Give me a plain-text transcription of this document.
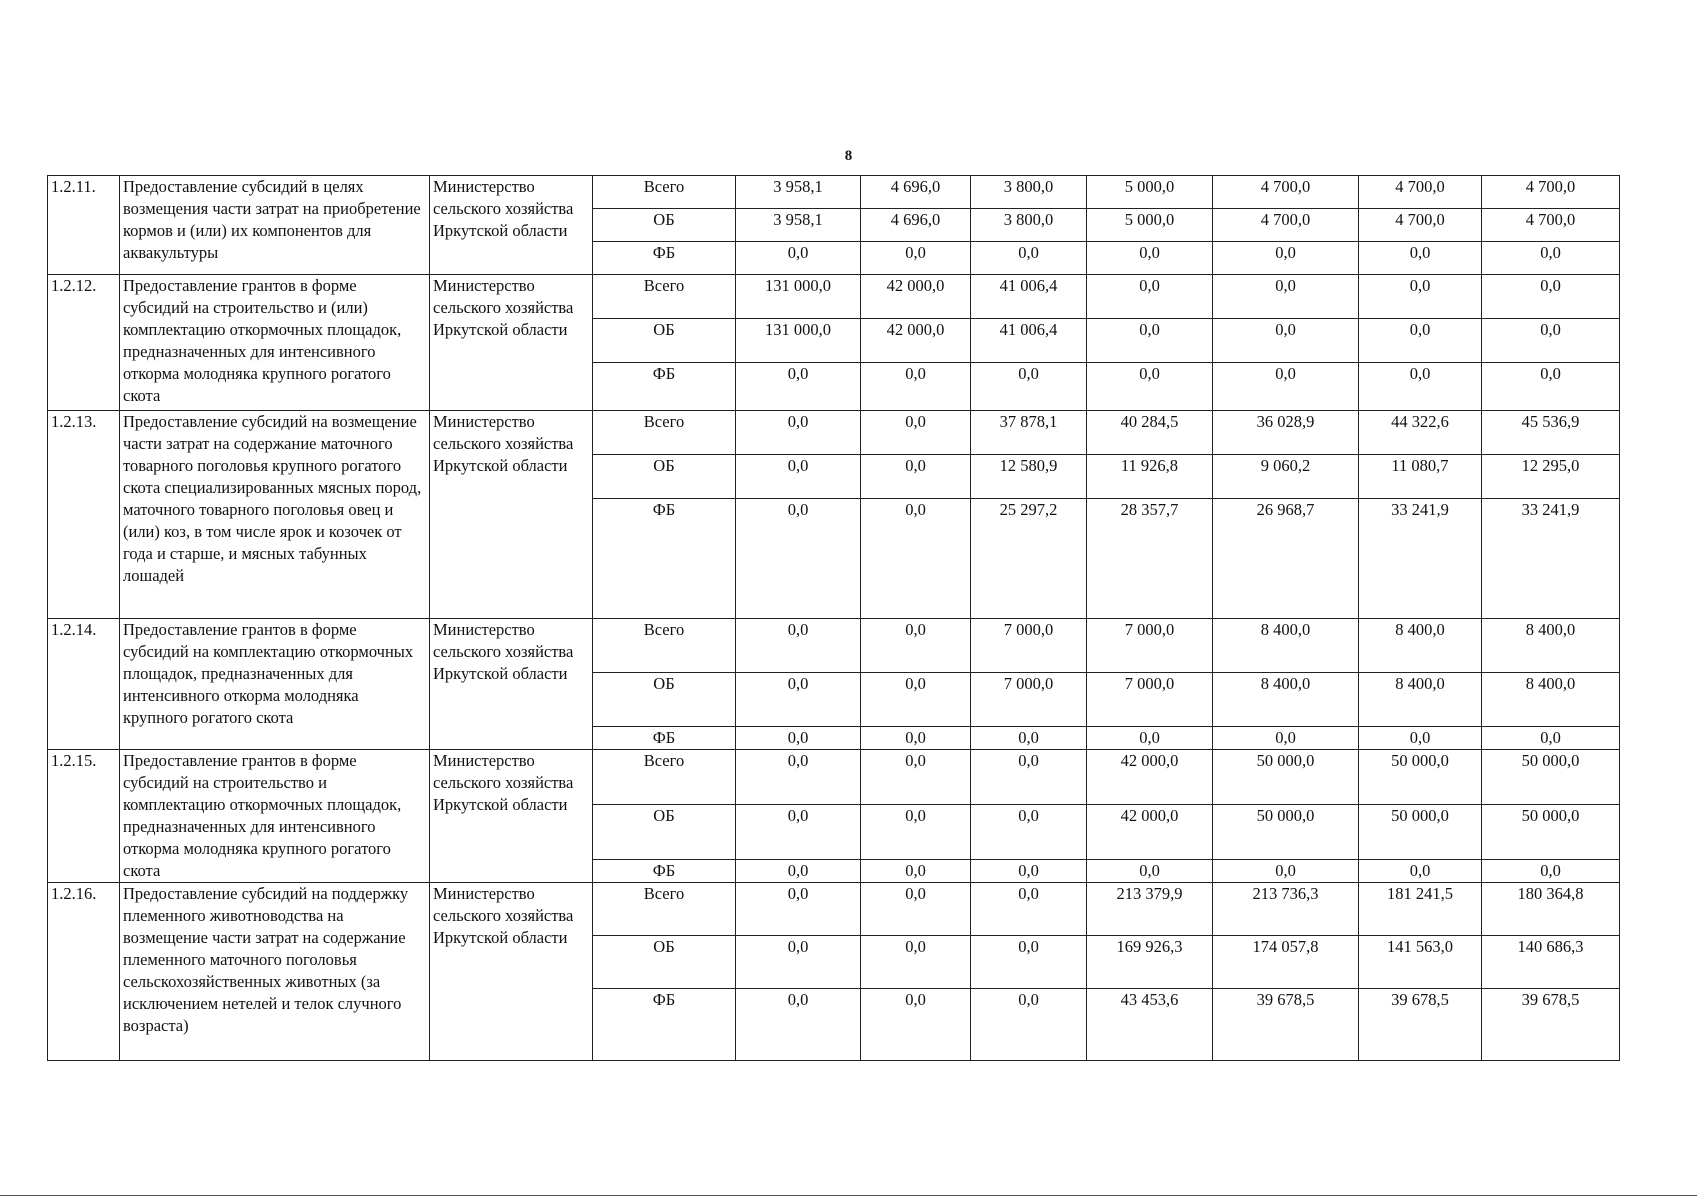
8
1.2.11.	Предоставление субсидий в целях возмещения части затрат на приобретение кормов и (или) их компонентов для аквакультуры	Министерство сельского хозяйства Иркутской области	Всего	3 958,1	4 696,0	3 800,0	5 000,0	4 700,0	4 700,0	4 700,0
			ОБ	3 958,1	4 696,0	3 800,0	5 000,0	4 700,0	4 700,0	4 700,0
			ФБ	0,0	0,0	0,0	0,0	0,0	0,0	0,0
1.2.12.	Предоставление грантов в форме субсидий на строительство и (или) комплектацию откормочных площадок, предназначенных для интенсивного откорма молодняка крупного рогатого скота	Министерство сельского хозяйства Иркутской области	Всего	131 000,0	42 000,0	41 006,4	0,0	0,0	0,0	0,0
			ОБ	131 000,0	42 000,0	41 006,4	0,0	0,0	0,0	0,0
			ФБ	0,0	0,0	0,0	0,0	0,0	0,0	0,0
1.2.13.	Предоставление субсидий на возмещение части затрат на содержание маточного товарного поголовья крупного рогатого скота специализированных мясных пород, маточного товарного поголовья овец и (или) коз, в том числе ярок и козочек от года и старше, и мясных табунных лошадей	Министерство сельского хозяйства Иркутской области	Всего	0,0	0,0	37 878,1	40 284,5	36 028,9	44 322,6	45 536,9
			ОБ	0,0	0,0	12 580,9	11 926,8	9 060,2	11 080,7	12 295,0
			ФБ	0,0	0,0	25 297,2	28 357,7	26 968,7	33 241,9	33 241,9
1.2.14.	Предоставление грантов в форме субсидий на комплектацию откормочных площадок, предназначенных для интенсивного откорма молодняка крупного рогатого скота	Министерство сельского хозяйства Иркутской области	Всего	0,0	0,0	7 000,0	7 000,0	8 400,0	8 400,0	8 400,0
			ОБ	0,0	0,0	7 000,0	7 000,0	8 400,0	8 400,0	8 400,0
			ФБ	0,0	0,0	0,0	0,0	0,0	0,0	0,0
1.2.15.	Предоставление грантов в форме субсидий на строительство и комплектацию откормочных площадок, предназначенных для интенсивного откорма молодняка крупного рогатого скота	Министерство сельского хозяйства Иркутской области	Всего	0,0	0,0	0,0	42 000,0	50 000,0	50 000,0	50 000,0
			ОБ	0,0	0,0	0,0	42 000,0	50 000,0	50 000,0	50 000,0
			ФБ	0,0	0,0	0,0	0,0	0,0	0,0	0,0
1.2.16.	Предоставление субсидий на поддержку племенного животноводства на возмещение части затрат на содержание племенного маточного поголовья сельскохозяйственных животных (за исключением нетелей и телок случного возраста)	Министерство сельского хозяйства Иркутской области	Всего	0,0	0,0	0,0	213 379,9	213 736,3	181 241,5	180 364,8
			ОБ	0,0	0,0	0,0	169 926,3	174 057,8	141 563,0	140 686,3
			ФБ	0,0	0,0	0,0	43 453,6	39 678,5	39 678,5	39 678,5
